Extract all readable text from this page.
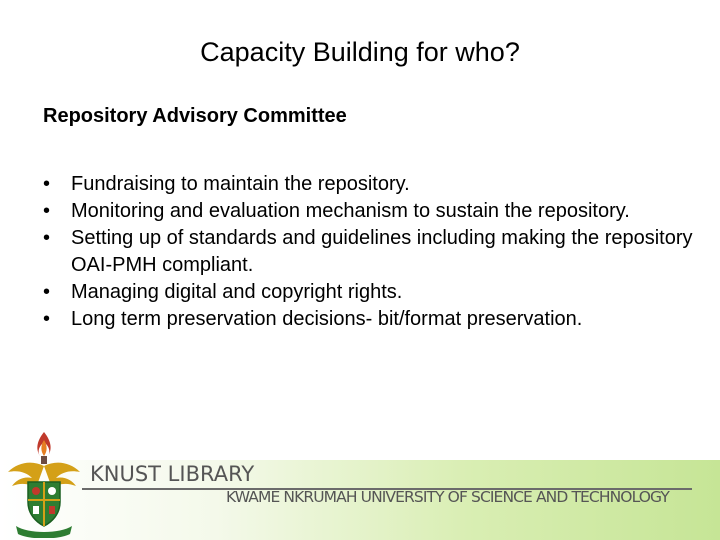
Capacity Building for who?
Repository Advisory Committee
• Fundraising to maintain the repository.
• Monitoring and evaluation mechanism to sustain the repository.
• Setting up of standards and guidelines including making the repository OAI-PMH compliant.
• Managing digital and copyright rights.
• Long term preservation decisions- bit/format preservation.
KNUST LIBRARY
KWAME NKRUMAH UNIVERSITY OF SCIENCE AND TECHNOLOGY
